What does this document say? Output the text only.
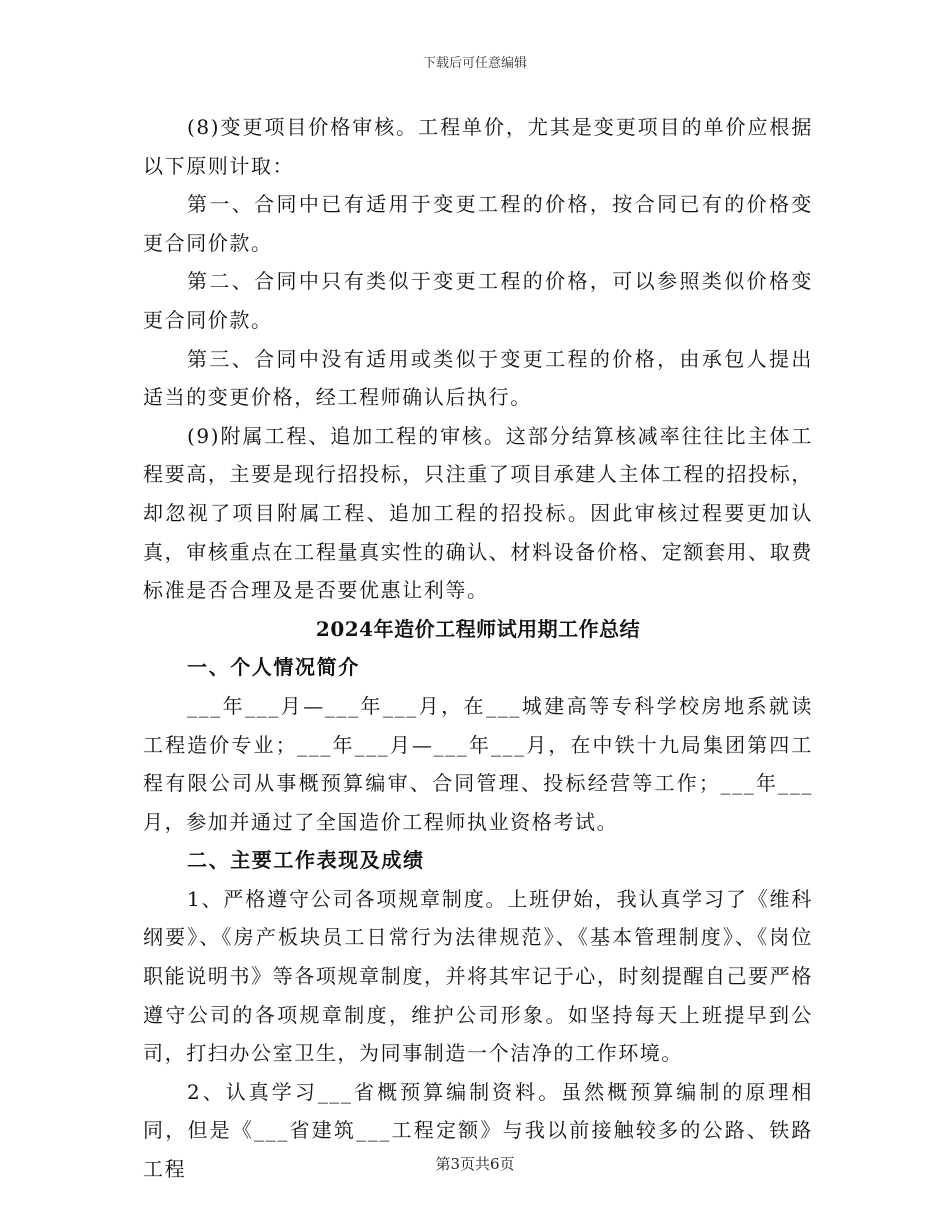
下载后可任意编辑

(8)变更项目价格审核。工程单价，尤其是变更项目的单价应根据以下原则计取：

第一、合同中已有适用于变更工程的价格，按合同已有的价格变更合同价款。

第二、合同中只有类似于变更工程的价格，可以参照类似价格变更合同价款。

第三、合同中没有适用或类似于变更工程的价格，由承包人提出适当的变更价格，经工程师确认后执行。

(9)附属工程、追加工程的审核。这部分结算核减率往往比主体工程要高，主要是现行招投标，只注重了项目承建人主体工程的招投标，却忽视了项目附属工程、追加工程的招投标。因此审核过程要更加认真，审核重点在工程量真实性的确认、材料设备价格、定额套用、取费标准是否合理及是否要优惠让利等。

2024年造价工程师试用期工作总结

一、个人情况简介

___年___月—___年___月，在___城建高等专科学校房地系就读工程造价专业；___年___月—___年___月，在中铁十九局集团第四工程有限公司从事概预算编审、合同管理、投标经营等工作；___年___月，参加并通过了全国造价工程师执业资格考试。

二、主要工作表现及成绩

1、严格遵守公司各项规章制度。上班伊始，我认真学习了《维科纲要》、《房产板块员工日常行为法律规范》、《基本管理制度》、《岗位职能说明书》等各项规章制度，并将其牢记于心，时刻提醒自己要严格遵守公司的各项规章制度，维护公司形象。如坚持每天上班提早到公司，打扫办公室卫生，为同事制造一个洁净的工作环境。

2、认真学习___省概预算编制资料。虽然概预算编制的原理相同，但是《___省建筑___工程定额》与我以前接触较多的公路、铁路工程	第3页共6页
